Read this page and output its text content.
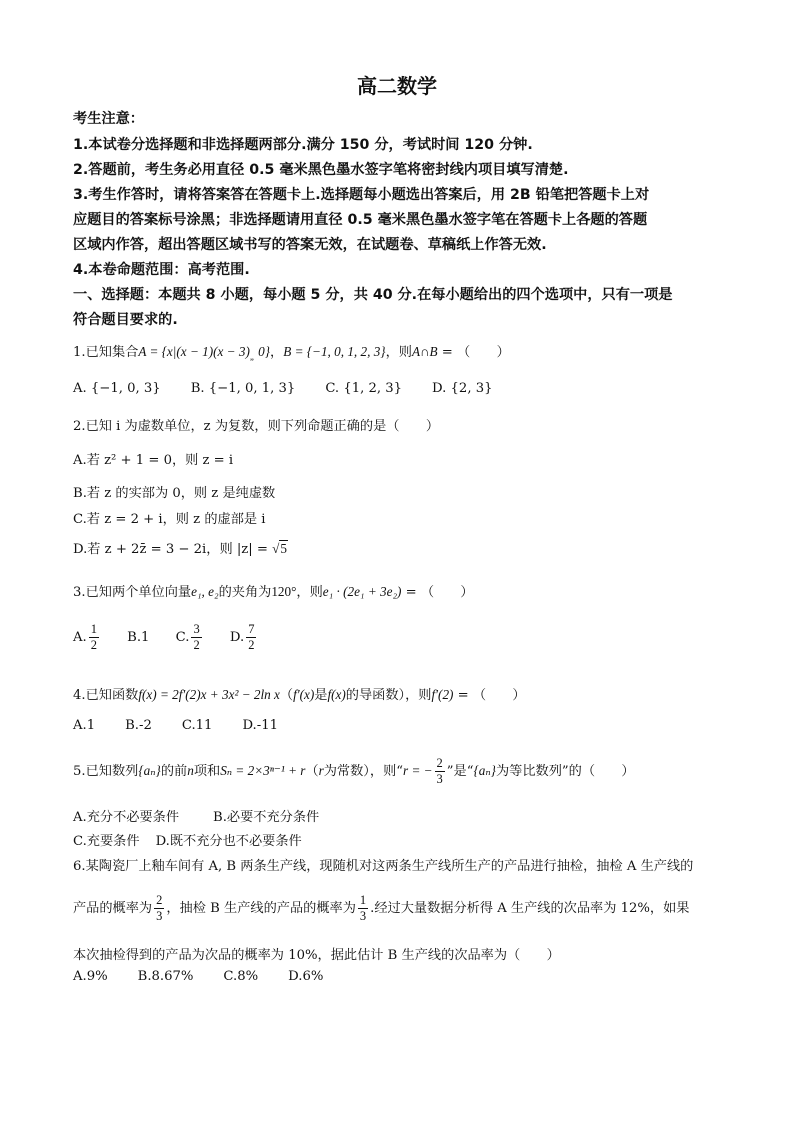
高二数学
考生注意：
1.本试卷分选择题和非选择题两部分.满分 150 分，考试时间 120 分钟.
2.答题前，考生务必用直径 0.5 毫米黑色墨水签字笔将密封线内项目填写清楚.
3.考生作答时，请将答案答在答题卡上.选择题每小题选出答案后，用 2B 铅笔把答题卡上对
应题目的答案标号涂黑；非选择题请用直径 0.5 毫米黑色墨水签字笔在答题卡上各题的答题
区域内作答，超出答题区域书写的答案无效，在试题卷、草稿纸上作答无效.
4.本卷命题范围：高考范围.
一、选择题：本题共 8 小题，每小题 5 分，共 40 分.在每小题给出的四个选项中，只有一项是
符合题目要求的.
1.已知集合$A = \{x|(x - 1)(x - 3)_„$ 0}，B = {−1, 0, 1, 2, 3}，则A∩B = （　　）
A. {−1, 0, 3} B. {−1, 0, 1, 3} C. {1, 2, 3} D. {2, 3}
2.已知 i 为虚数单位，z 为复数，则下列命题正确的是（　　）
A.若 z² + 1 = 0，则 z = i
B.若 z 的实部为 0，则 z 是纯虚数
C.若 z = 2 + i，则 z 的虚部是 i
D.若 z + 2z̄ = 3 − 2i，则 |z| = √5
3.已知两个单位向量e₁, e₂的夹角为120°，则e₁ · (2e₁ + 3e₂) = （　　）
A. $\frac{1}{2} B.1$ C. $\frac{3}{2} D$. $\frac{7}{2}$
4.已知函数f(x) = 2f′(2)x + 3x² − 2ln x（f′(x)是f(x)的导函数），则f′(2) = （　　）
A.1 B.-2 C.11 D.-11
5.已知数列{aₙ}的前n项和Sₙ = 2×3ⁿ⁻¹ + r（r为常数），则“r = − $\frac{2}{3}$ ”是“{aₙ}为等比数列”的（　　）
A.充分不必要条件	B.必要不充分条件
C.充要条件 D.既不充分也不必要条件
6.某陶瓷厂上釉车间有 A, B 两条生产线，现随机对这两条生产线所生产的产品进行抽检，抽检 A 生产线的
产品的概率为 $\frac{2}{3}$ ，抽检 B 生产线的产品的概率为 $\frac{1}{3}$ .经过大量数据分析得 A 生产线的次品率为 12%，如果
本次抽检得到的产品为次品的概率为 10%，据此估计 B 生产线的次品率为（　　）
A.9% B.8.67% C.8% D.6%
